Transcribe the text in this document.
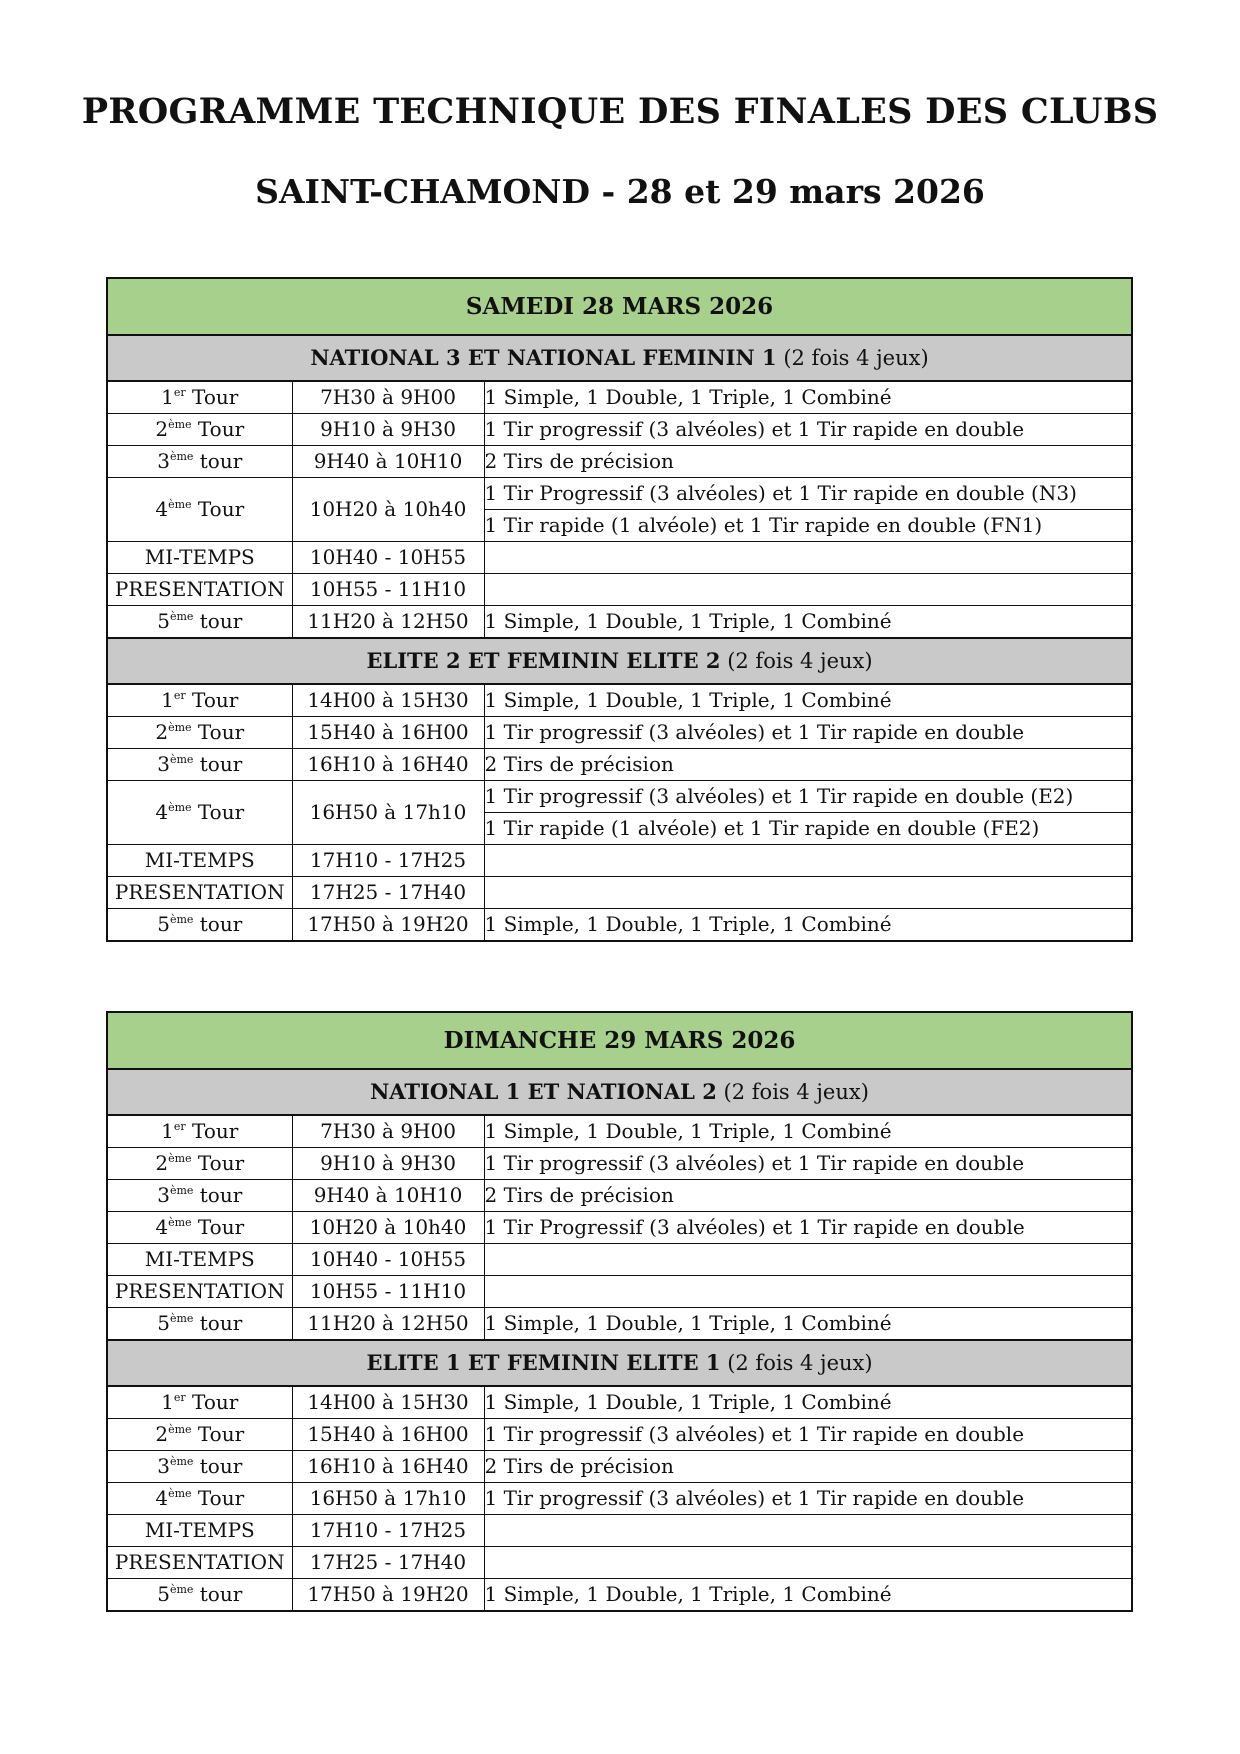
PROGRAMME TECHNIQUE DES FINALES DES CLUBS
SAINT-CHAMOND - 28 et 29 mars 2026
SAMEDI 28 MARS 2026		
NATIONAL 3 ET NATIONAL FEMININ 1 (2 fois 4 jeux)		
1er Tour	7H30 à 9H00	1 Simple, 1 Double, 1 Triple, 1 Combiné
2ème Tour	9H10 à 9H30	1 Tir progressif (3 alvéoles) et 1 Tir rapide en double
3ème tour	9H40 à 10H10	2 Tirs de précision
4ème Tour	10H20 à 10h40	1 Tir Progressif (3 alvéoles) et 1 Tir rapide en double (N3)
		1 Tir rapide (1 alvéole) et 1 Tir rapide en double (FN1)
MI-TEMPS	10H40 - 10H55	
PRESENTATION	10H55 - 11H10	
5ème tour	11H20 à 12H50	1 Simple, 1 Double, 1 Triple, 1 Combiné
ELITE 2 ET FEMININ ELITE 2 (2 fois 4 jeux)		
1er Tour	14H00 à 15H30	1 Simple, 1 Double, 1 Triple, 1 Combiné
2ème Tour	15H40 à 16H00	1 Tir progressif (3 alvéoles) et 1 Tir rapide en double
3ème tour	16H10 à 16H40	2 Tirs de précision
4ème Tour	16H50 à 17h10	1 Tir progressif (3 alvéoles) et 1 Tir rapide en double (E2)
		1 Tir rapide (1 alvéole) et 1 Tir rapide en double (FE2)
MI-TEMPS	17H10 - 17H25	
PRESENTATION	17H25 - 17H40	
5ème tour	17H50 à 19H20	1 Simple, 1 Double, 1 Triple, 1 Combiné
DIMANCHE 29 MARS 2026		
NATIONAL 1 ET NATIONAL 2 (2 fois 4 jeux)		
1er Tour	7H30 à 9H00	1 Simple, 1 Double, 1 Triple, 1 Combiné
2ème Tour	9H10 à 9H30	1 Tir progressif (3 alvéoles) et 1 Tir rapide en double
3ème tour	9H40 à 10H10	2 Tirs de précision
4ème Tour	10H20 à 10h40	1 Tir Progressif (3 alvéoles) et 1 Tir rapide en double
MI-TEMPS	10H40 - 10H55	
PRESENTATION	10H55 - 11H10	
5ème tour	11H20 à 12H50	1 Simple, 1 Double, 1 Triple, 1 Combiné
ELITE 1 ET FEMININ ELITE 1 (2 fois 4 jeux)		
1er Tour	14H00 à 15H30	1 Simple, 1 Double, 1 Triple, 1 Combiné
2ème Tour	15H40 à 16H00	1 Tir progressif (3 alvéoles) et 1 Tir rapide en double
3ème tour	16H10 à 16H40	2 Tirs de précision
4ème Tour	16H50 à 17h10	1 Tir progressif (3 alvéoles) et 1 Tir rapide en double
MI-TEMPS	17H10 - 17H25	
PRESENTATION	17H25 - 17H40	
5ème tour	17H50 à 19H20	1 Simple, 1 Double, 1 Triple, 1 Combiné
